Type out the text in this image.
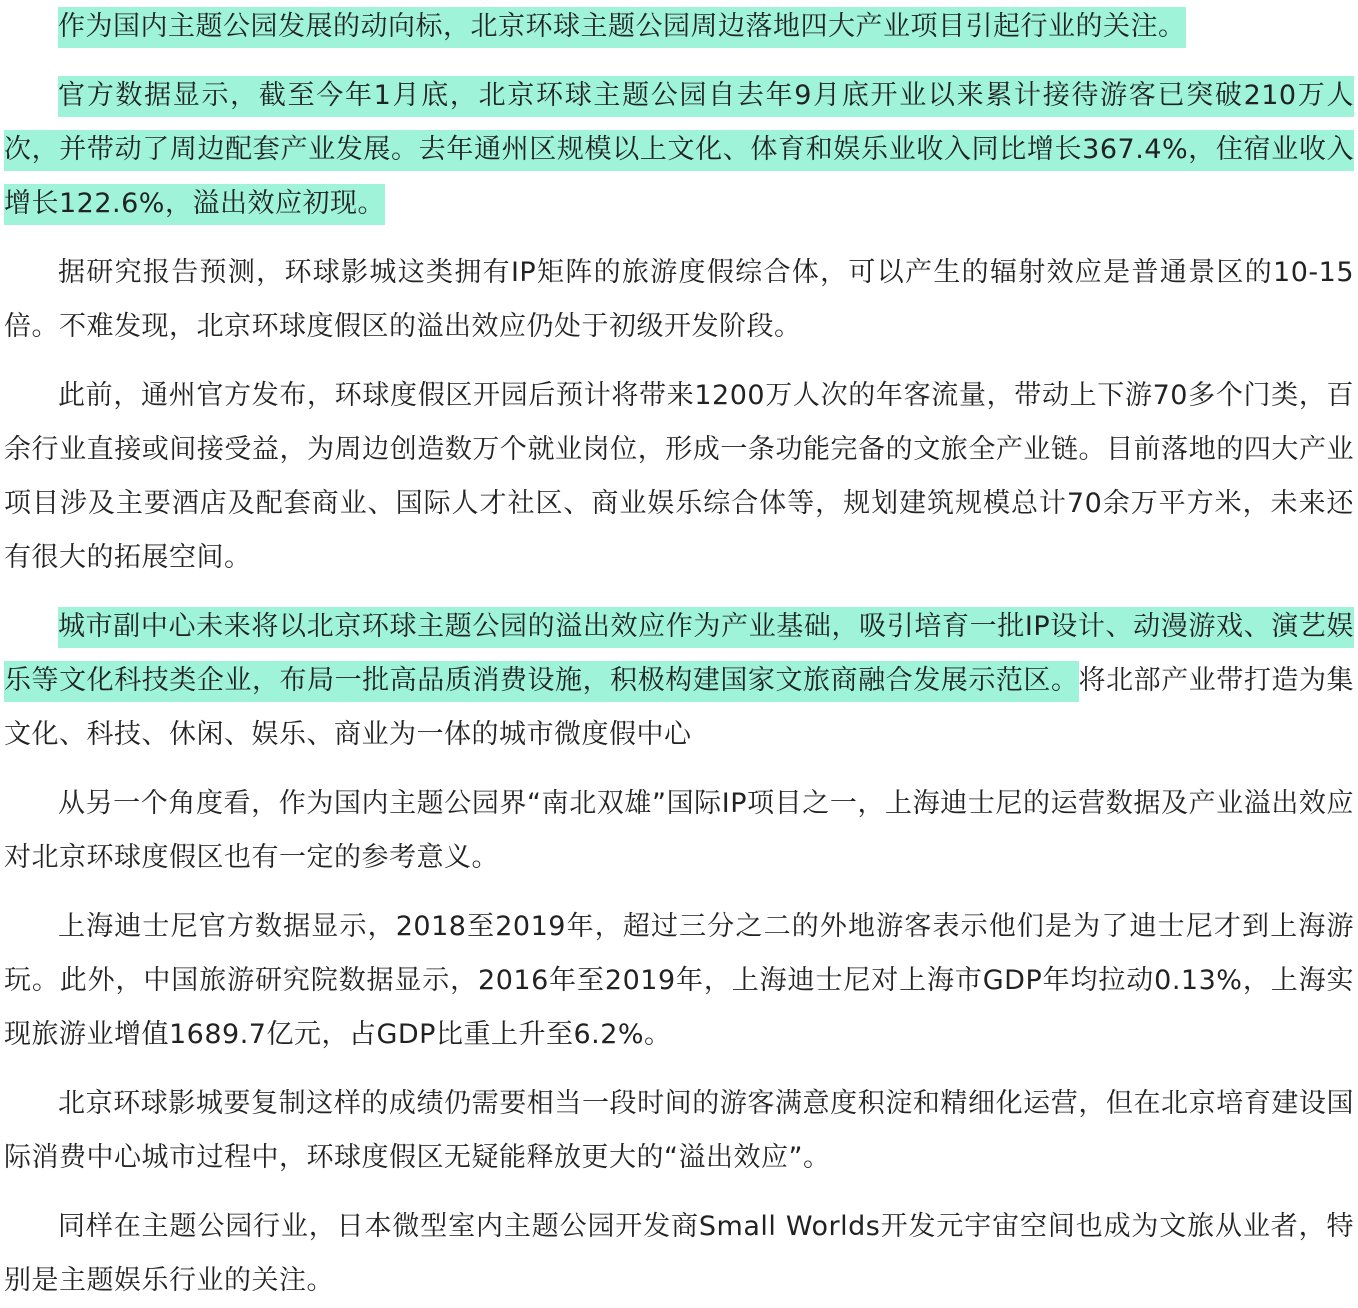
作为国内主题公园发展的动向标，北京环球主题公园周边落地四大产业项目引起行业的关注。

官方数据显示，截至今年1月底，北京环球主题公园自去年9月底开业以来累计接待游客已突破210万人次，并带动了周边配套产业发展。去年通州区规模以上文化、体育和娱乐业收入同比增长367.4%，住宿业收入增长122.6%，溢出效应初现。

据研究报告预测，环球影城这类拥有IP矩阵的旅游度假综合体，可以产生的辐射效应是普通景区的10-15倍。不难发现，北京环球度假区的溢出效应仍处于初级开发阶段。

此前，通州官方发布，环球度假区开园后预计将带来1200万人次的年客流量，带动上下游70多个门类，百余行业直接或间接受益，为周边创造数万个就业岗位，形成一条功能完备的文旅全产业链。目前落地的四大产业项目涉及主要酒店及配套商业、国际人才社区、商业娱乐综合体等，规划建筑规模总计70余万平方米，未来还有很大的拓展空间。

城市副中心未来将以北京环球主题公园的溢出效应作为产业基础，吸引培育一批IP设计、动漫游戏、演艺娱乐等文化科技类企业，布局一批高品质消费设施，积极构建国家文旅商融合发展示范区。将北部产业带打造为集文化、科技、休闲、娱乐、商业为一体的城市微度假中心

从另一个角度看，作为国内主题公园界“南北双雄”国际IP项目之一，上海迪士尼的运营数据及产业溢出效应对北京环球度假区也有一定的参考意义。

上海迪士尼官方数据显示，2018至2019年，超过三分之二的外地游客表示他们是为了迪士尼才到上海游玩。此外，中国旅游研究院数据显示，2016年至2019年，上海迪士尼对上海市GDP年均拉动0.13%，上海实现旅游业增值1689.7亿元，占GDP比重上升至6.2%。

北京环球影城要复制这样的成绩仍需要相当一段时间的游客满意度积淀和精细化运营，但在北京培育建设国际消费中心城市过程中，环球度假区无疑能释放更大的“溢出效应”。

同样在主题公园行业，日本微型室内主题公园开发商Small Worlds开发元宇宙空间也成为文旅从业者，特别是主题娱乐行业的关注。
